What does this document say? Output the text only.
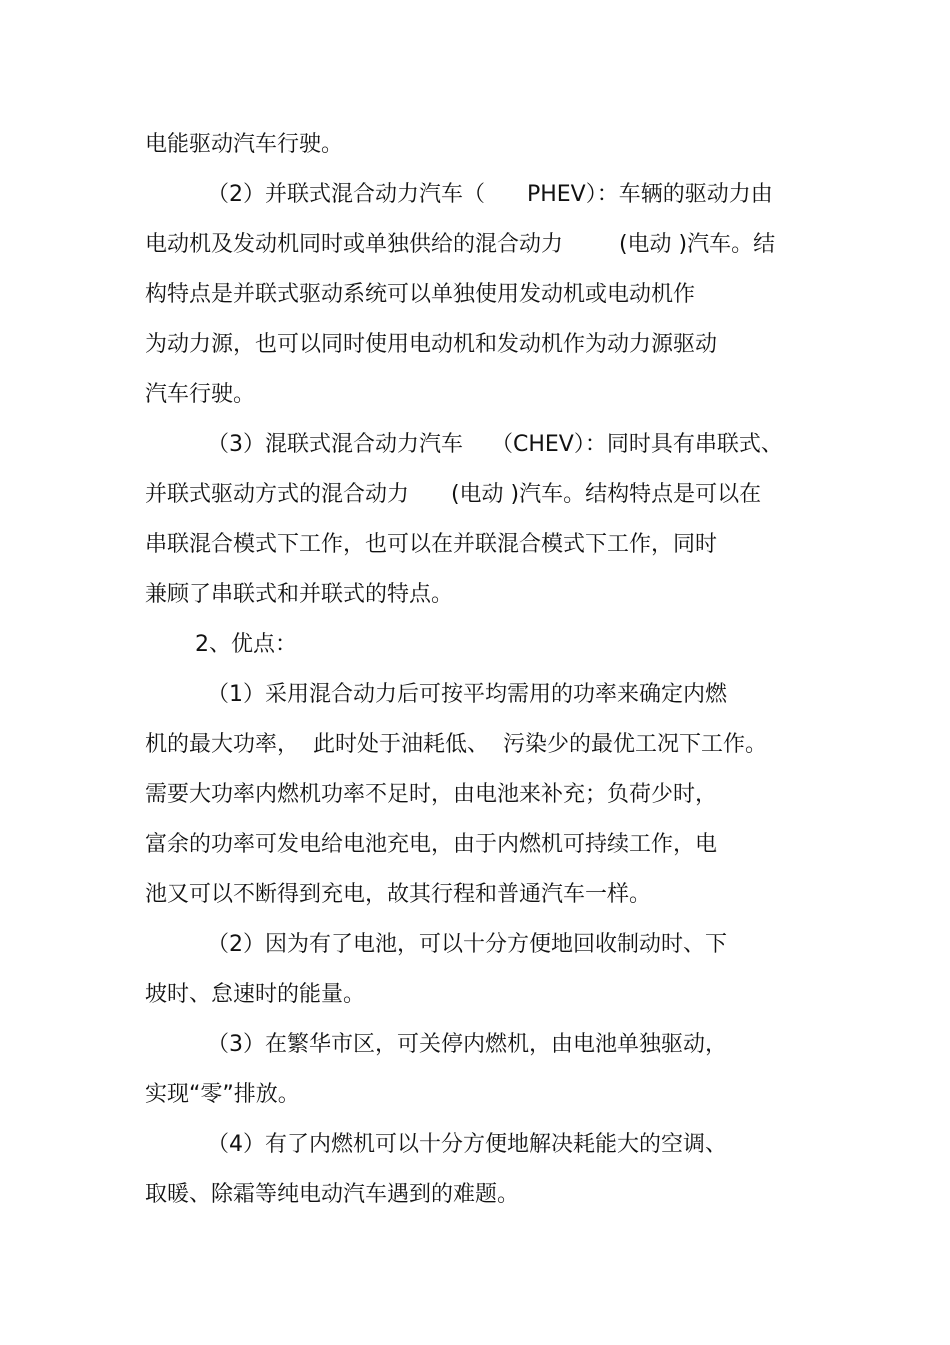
电能驱动汽车行驶。
（2）并联式混合动力汽车（      PHEV）：车辆的驱动力由
电动机及发动机同时或单独供给的混合动力        (电动 )汽车。结
构特点是并联式驱动系统可以单独使用发动机或电动机作
为动力源，也可以同时使用电动机和发动机作为动力源驱动
汽车行驶。
（3）混联式混合动力汽车    （CHEV）：同时具有串联式、
并联式驱动方式的混合动力      (电动 )汽车。结构特点是可以在
串联混合模式下工作，也可以在并联混合模式下工作，同时
兼顾了串联式和并联式的特点。
2、优点：
（1）采用混合动力后可按平均需用的功率来确定内燃
机的最大功率，  此时处于油耗低、  污染少的最优工况下工作。
需要大功率内燃机功率不足时，由电池来补充；负荷少时，
富余的功率可发电给电池充电，由于内燃机可持续工作，电
池又可以不断得到充电，故其行程和普通汽车一样。
（2）因为有了电池，可以十分方便地回收制动时、下
坡时、怠速时的能量。
（3）在繁华市区，可关停内燃机，由电池单独驱动，
实现“零”排放。
（4）有了内燃机可以十分方便地解决耗能大的空调、
取暖、除霜等纯电动汽车遇到的难题。
